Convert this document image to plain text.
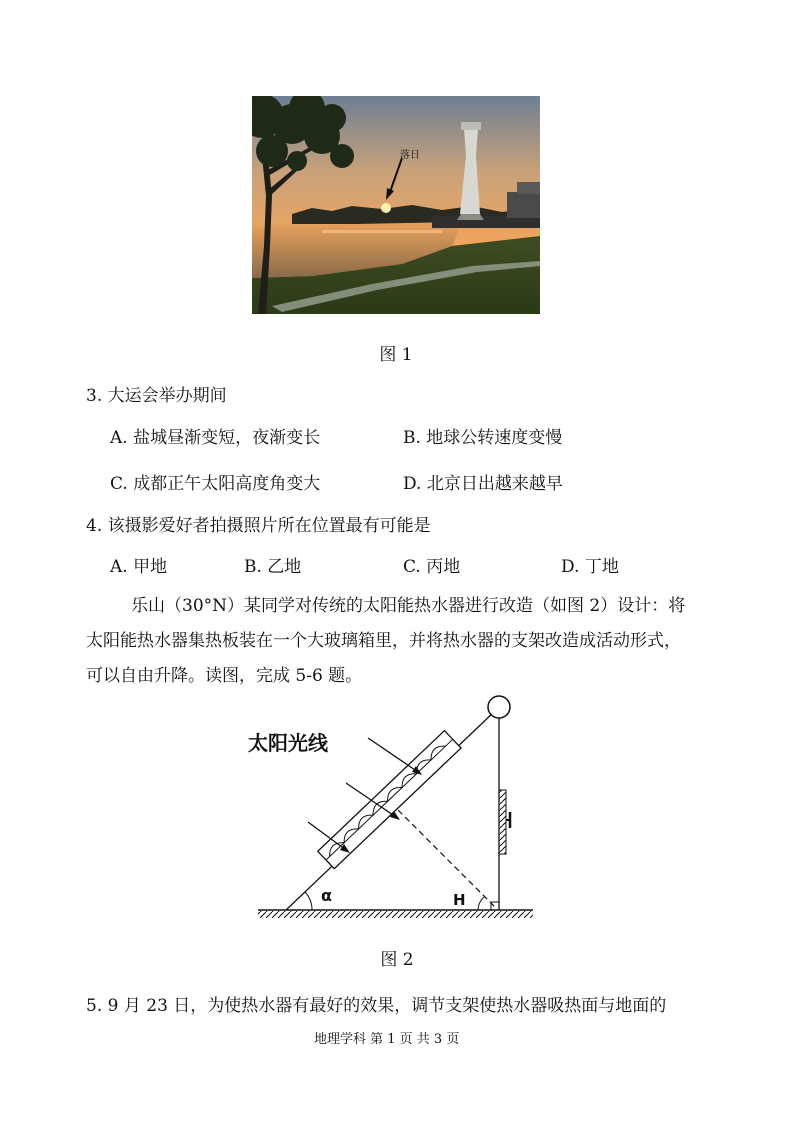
落日
图 1
3. 大运会举办期间
A. 盐城昼渐变短，夜渐变长	B. 地球公转速度变慢
C. 成都正午太阳高度角变大	D. 北京日出越来越早
4. 该摄影爱好者拍摄照片所在位置最有可能是
A. 甲地	B. 乙地	C. 丙地	D. 丁地
乐山（30°N）某同学对传统的太阳能热水器进行改造（如图 2）设计：将
太阳能热水器集热板装在一个大玻璃箱里，并将热水器的支架改造成活动形式，
可以自由升降。读图，完成 5-6 题。
太阳光线
α	H
图 2
5. 9 月 23 日，为使热水器有最好的效果，调节支架使热水器吸热面与地面的
地理学科 第 1 页 共 3 页
